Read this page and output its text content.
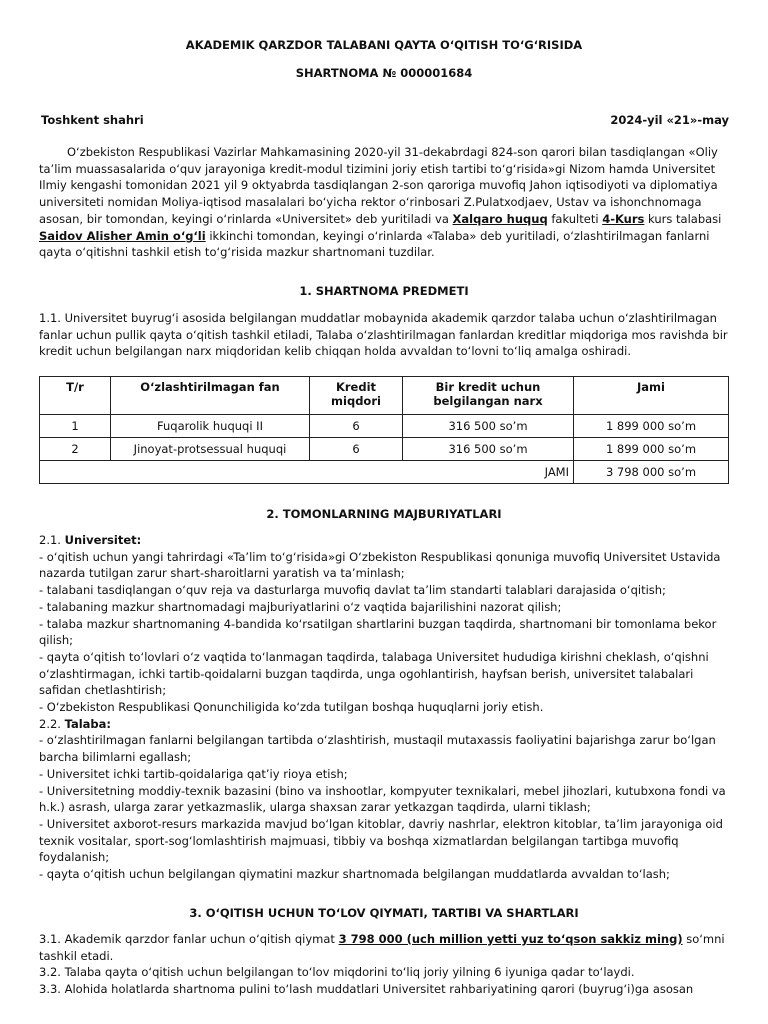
AKADEMIK QARZDOR TALABANI QAYTA O‘QITISH TO‘G‘RISIDA
SHARTNOMA № 000001684
Toshkent shahri	2024-yil «21»-may

O‘zbekiston Respublikasi Vazirlar Mahkamasining 2020-yil 31-dekabrdagi 824-son qarori bilan tasdiqlangan «Oliy ta’lim muassasalarida o‘quv jarayoniga kredit-modul tizimini joriy etish tartibi to‘g‘risida»gi Nizom hamda Universitet Ilmiy kengashi tomonidan 2021 yil 9 oktyabrda tasdiqlangan 2-son qaroriga muvofiq Jahon iqtisodiyoti va diplomatiya universiteti nomidan Moliya-iqtisod masalalari bo‘yicha rektor o‘rinbosari Z.Pulatxodjaev, Ustav va ishonchnomaga asosan, bir tomondan, keyingi o‘rinlarda «Universitet» deb yuritiladi va Xalqaro huquq fakulteti 4-Kurs kurs talabasi Saidov Alisher Amin o‘g‘li ikkinchi tomondan, keyingi o‘rinlarda «Talaba» deb yuritiladi, o‘zlashtirilmagan fanlarni qayta o‘qitishni tashkil etish to‘g‘risida mazkur shartnomani tuzdilar.

1. SHARTNOMA PREDMETI

1.1. Universitet buyrug‘i asosida belgilangan muddatlar mobaynida akademik qarzdor talaba uchun o‘zlashtirilmagan fanlar uchun pullik qayta o‘qitish tashkil etiladi, Talaba o‘zlashtirilmagan fanlardan kreditlar miqdoriga mos ravishda bir kredit uchun belgilangan narx miqdoridan kelib chiqqan holda avvaldan to‘lovni to‘liq amalga oshiradi.

T/r	O‘zlashtirilmagan fan	Kredit miqdori	Bir kredit uchun belgilangan narx	Jami
1	Fuqarolik huquqi II	6	316 500 so’m	1 899 000 so’m
2	Jinoyat-protsessual huquqi	6	316 500 so’m	1 899 000 so’m
JAMI				3 798 000 so’m
2. TOMONLARNING MAJBURIYATLARI

2.1. Universitet:

- o‘qitish uchun yangi tahrirdagi «Ta’lim to‘g‘risida»gi O‘zbekiston Respublikasi qonuniga muvofiq Universitet Ustavida nazarda tutilgan zarur shart-sharoitlarni yaratish va ta’minlash;

- talabani tasdiqlangan o‘quv reja va dasturlarga muvofiq davlat ta’lim standarti talablari darajasida o‘qitish;

- talabaning mazkur shartnomadagi majburiyatlarini o‘z vaqtida bajarilishini nazorat qilish;

- talaba mazkur shartnomaning 4-bandida ko‘rsatilgan shartlarini buzgan taqdirda, shartnomani bir tomonlama bekor qilish;

- qayta o‘qitish to‘lovlari o‘z vaqtida to‘lanmagan taqdirda, talabaga Universitet hududiga kirishni cheklash, o‘qishni o‘zlashtirmagan, ichki tartib-qoidalarni buzgan taqdirda, unga ogohlantirish, hayfsan berish, universitet talabalari safidan chetlashtirish;

- O‘zbekiston Respublikasi Qonunchiligida ko‘zda tutilgan boshqa huquqlarni joriy etish.

2.2. Talaba:

- o‘zlashtirilmagan fanlarni belgilangan tartibda o‘zlashtirish, mustaqil mutaxassis faoliyatini bajarishga zarur bo‘lgan barcha bilimlarni egallash;

- Universitet ichki tartib-qoidalariga qat’iy rioya etish;

- Universitetning moddiy-texnik bazasini (bino va inshootlar, kompyuter texnikalari, mebel jihozlari, kutubxona fondi va h.k.) asrash, ularga zarar yetkazmaslik, ularga shaxsan zarar yetkazgan taqdirda, ularni tiklash;

- Universitet axborot-resurs markazida mavjud bo‘lgan kitoblar, davriy nashrlar, elektron kitoblar, ta’lim jarayoniga oid texnik vositalar, sport-sog‘lomlashtirish majmuasi, tibbiy va boshqa xizmatlardan belgilangan tartibga muvofiq foydalanish;

- qayta o‘qitish uchun belgilangan qiymatini mazkur shartnomada belgilangan muddatlarda avvaldan to‘lash;

3. O‘QITISH UCHUN TO‘LOV QIYMATI, TARTIBI VA SHARTLARI

3.1. Akademik qarzdor fanlar uchun o‘qitish qiymat 3 798 000 (uch million yetti yuz to‘qson sakkiz ming) so‘mni tashkil etadi.

3.2. Talaba qayta o‘qitish uchun belgilangan to‘lov miqdorini to‘liq joriy yilning 6 iyuniga qadar to‘laydi.

3.3. Alohida holatlarda shartnoma pulini to‘lash muddatlari Universitet rahbariyatining qarori (buyrug‘i)ga asosan
